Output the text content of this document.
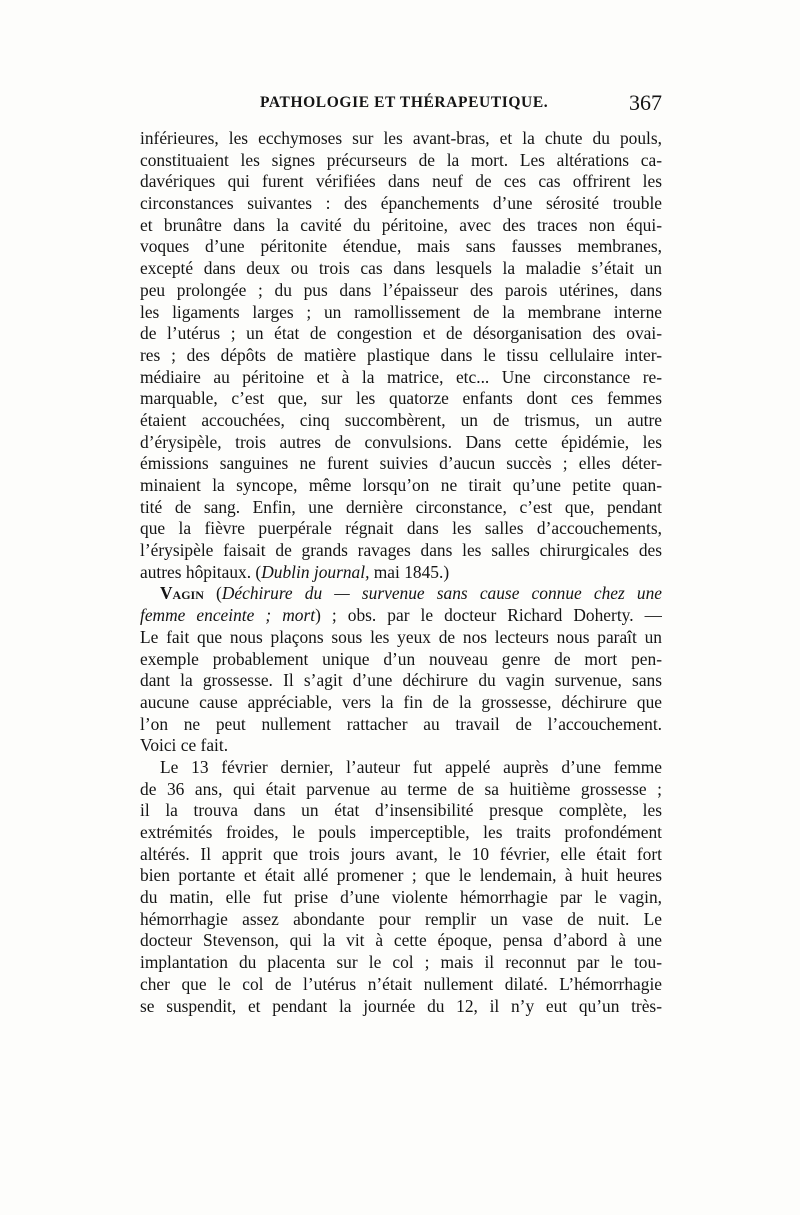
PATHOLOGIE ET THÉRAPEUTIQUE.	367
inférieures, les ecchymoses sur les avant-bras, et la chute du pouls,
constituaient les signes précurseurs de la mort. Les altérations ca-
davériques qui furent vérifiées dans neuf de ces cas offrirent les
circonstances suivantes : des épanchements d’une sérosité trouble
et brunâtre dans la cavité du péritoine, avec des traces non équi-
voques d’une péritonite étendue, mais sans fausses membranes,
excepté dans deux ou trois cas dans lesquels la maladie s’était un
peu prolongée ; du pus dans l’épaisseur des parois utérines, dans
les ligaments larges ; un ramollissement de la membrane interne
de l’utérus ; un état de congestion et de désorganisation des ovai-
res ; des dépôts de matière plastique dans le tissu cellulaire inter-
médiaire au péritoine et à la matrice, etc... Une circonstance re-
marquable, c’est que, sur les quatorze enfants dont ces femmes
étaient accouchées, cinq succombèrent, un de trismus, un autre
d’érysipèle, trois autres de convulsions. Dans cette épidémie, les
émissions sanguines ne furent suivies d’aucun succès ; elles déter-
minaient la syncope, même lorsqu’on ne tirait qu’une petite quan-
tité de sang. Enfin, une dernière circonstance, c’est que, pendant
que la fièvre puerpérale régnait dans les salles d’accouchements,
l’érysipèle faisait de grands ravages dans les salles chirurgicales des
autres hôpitaux. (Dublin journal, mai 1845.)
Vagin (Déchirure du — survenue sans cause connue chez une
femme enceinte ; mort) ; obs. par le docteur Richard Doherty. —
Le fait que nous plaçons sous les yeux de nos lecteurs nous paraît un
exemple probablement unique d’un nouveau genre de mort pen-
dant la grossesse. Il s’agit d’une déchirure du vagin survenue, sans
aucune cause appréciable, vers la fin de la grossesse, déchirure que
l’on ne peut nullement rattacher au travail de l’accouchement.
Voici ce fait.
Le 13 février dernier, l’auteur fut appelé auprès d’une femme
de 36 ans, qui était parvenue au terme de sa huitième grossesse ;
il la trouva dans un état d’insensibilité presque complète, les
extrémités froides, le pouls imperceptible, les traits profondément
altérés. Il apprit que trois jours avant, le 10 février, elle était fort
bien portante et était allé promener ; que le lendemain, à huit heures
du matin, elle fut prise d’une violente hémorrhagie par le vagin,
hémorrhagie assez abondante pour remplir un vase de nuit. Le
docteur Stevenson, qui la vit à cette époque, pensa d’abord à une
implantation du placenta sur le col ; mais il reconnut par le tou-
cher que le col de l’utérus n’était nullement dilaté. L’hémorrhagie
se suspendit, et pendant la journée du 12, il n’y eut qu’un très-
